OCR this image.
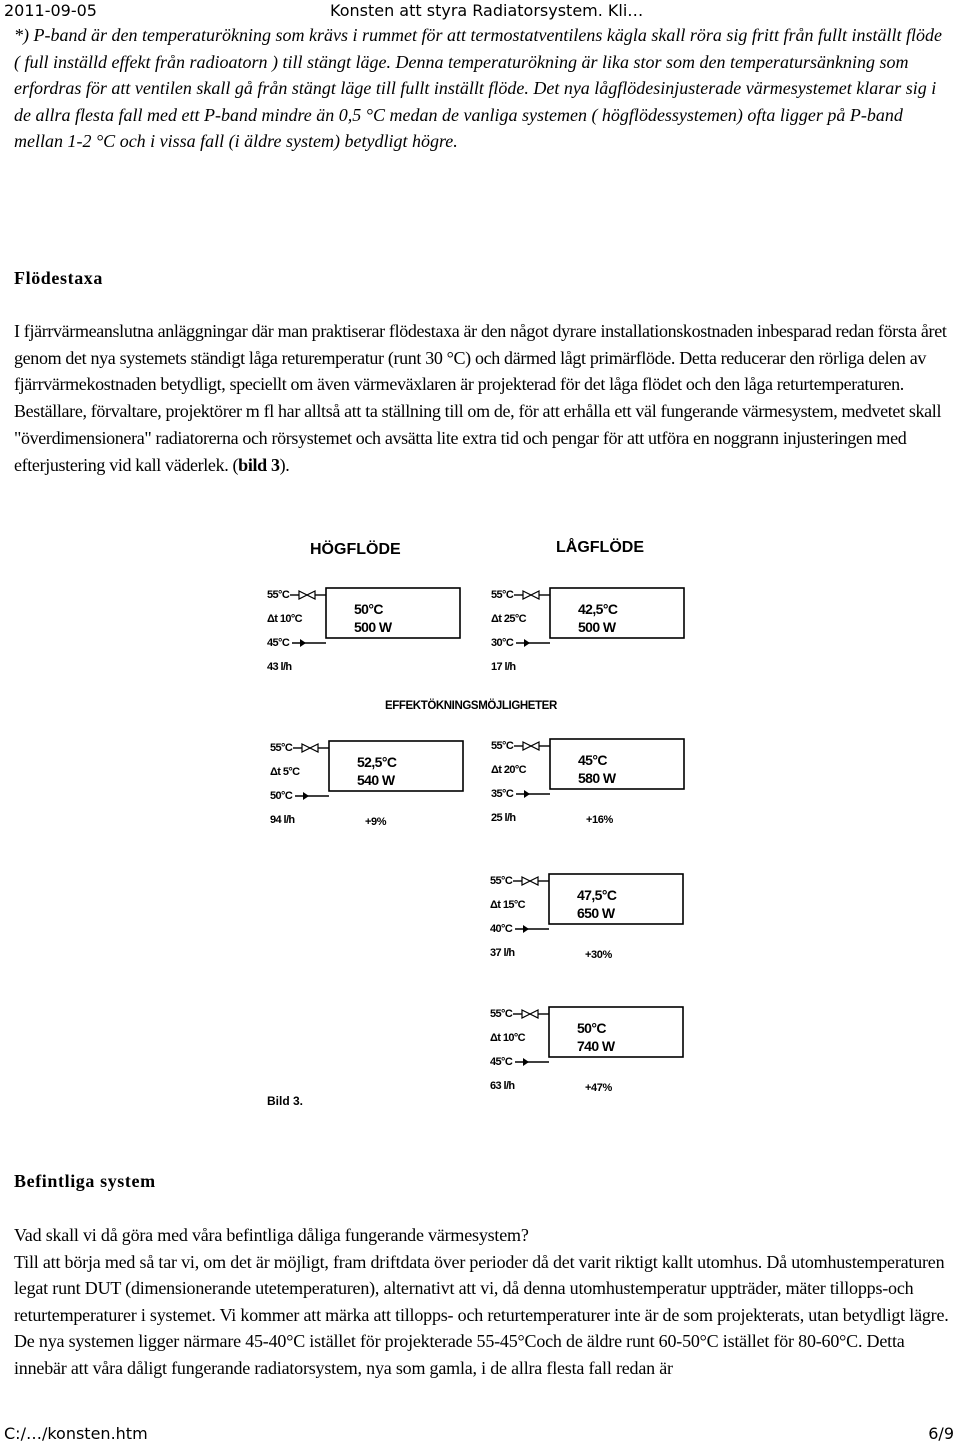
2011-09-05	Konsten att styra Radiatorsystem. Kli…
*) P-band är den temperaturökning som krävs i rummet för att termostatventilens kägla skall röra sig fritt från fullt inställt flöde ( full inställd effekt från radioatorn ) till stängt läge. Denna temperaturökning är lika stor som den temperatursänkning som erfordras för att ventilen skall gå från stängt läge till fullt inställt flöde. Det nya lågflödesinjusterade värmesystemet klarar sig i de allra flesta fall med ett P-band mindre än 0,5 °C medan de vanliga systemen ( högflödessystemen) ofta ligger på P-band mellan 1-2 °C och i vissa fall (i äldre system) betydligt högre.
Flödestaxa
I fjärrvärmeanslutna anläggningar där man praktiserar flödestaxa är den något dyrare installationskostnaden inbesparad redan första året genom det nya systemets ständigt låga returemperatur (runt 30 °C) och därmed lågt primärflöde. Detta reducerar den rörliga delen av fjärrvärmekostnaden betydligt, speciellt om även värmeväxlaren är projekterad för det låga flödet och den låga returtemperaturen. Beställare, förvaltare, projektörer m fl har alltså att ta ställning till om de, för att erhålla ett väl fungerande värmesystem, medvetet skall "överdimensionera" radiatorerna och rörsystemet och avsätta lite extra tid och pengar för att utföra en noggrann injusteringen med efterjustering vid kall väderlek. (bild 3).
HÖGFLÖDE	LÅGFLÖDE
EFFEKTÖKNINGSMÖJLIGHETER
Bild 3.
55°C
Δt 10°C
45°C
43 l/h
50°C
500 W
55°C
Δt 25°C
30°C
17 l/h
42,5°C
500 W
55°C
Δt 5°C
50°C
94 l/h
52,5°C
540 W
+9%
55°C
Δt 20°C
35°C
25 l/h
45°C
580 W
+16%
55°C
Δt 15°C
40°C
37 l/h
47,5°C
650 W
+30%
55°C
Δt 10°C
45°C
63 l/h
50°C
740 W
+47%
Befintliga system
Vad skall vi då göra med våra befintliga dåliga fungerande värmesystem?
Till att börja med så tar vi, om det är möjligt, fram driftdata över perioder då det varit riktigt kallt utomhus. Då utomhustemperaturen legat runt DUT (dimensionerande utetemperaturen), alternativt att vi, då denna utomhustemperatur uppträder, mäter tillopps-och returtemperaturer i systemet. Vi kommer att märka att tillopps- och returtemperaturer inte är de som projekterats, utan betydligt lägre.
De nya systemen ligger närmare 45-40°C istället för projekterade 55-45°Coch de äldre runt 60-50°C istället för 80-60°C. Detta innebär att våra dåligt fungerande radiatorsystem, nya som gamla, i de allra flesta fall redan är
C:/…/konsten.htm	6/9
